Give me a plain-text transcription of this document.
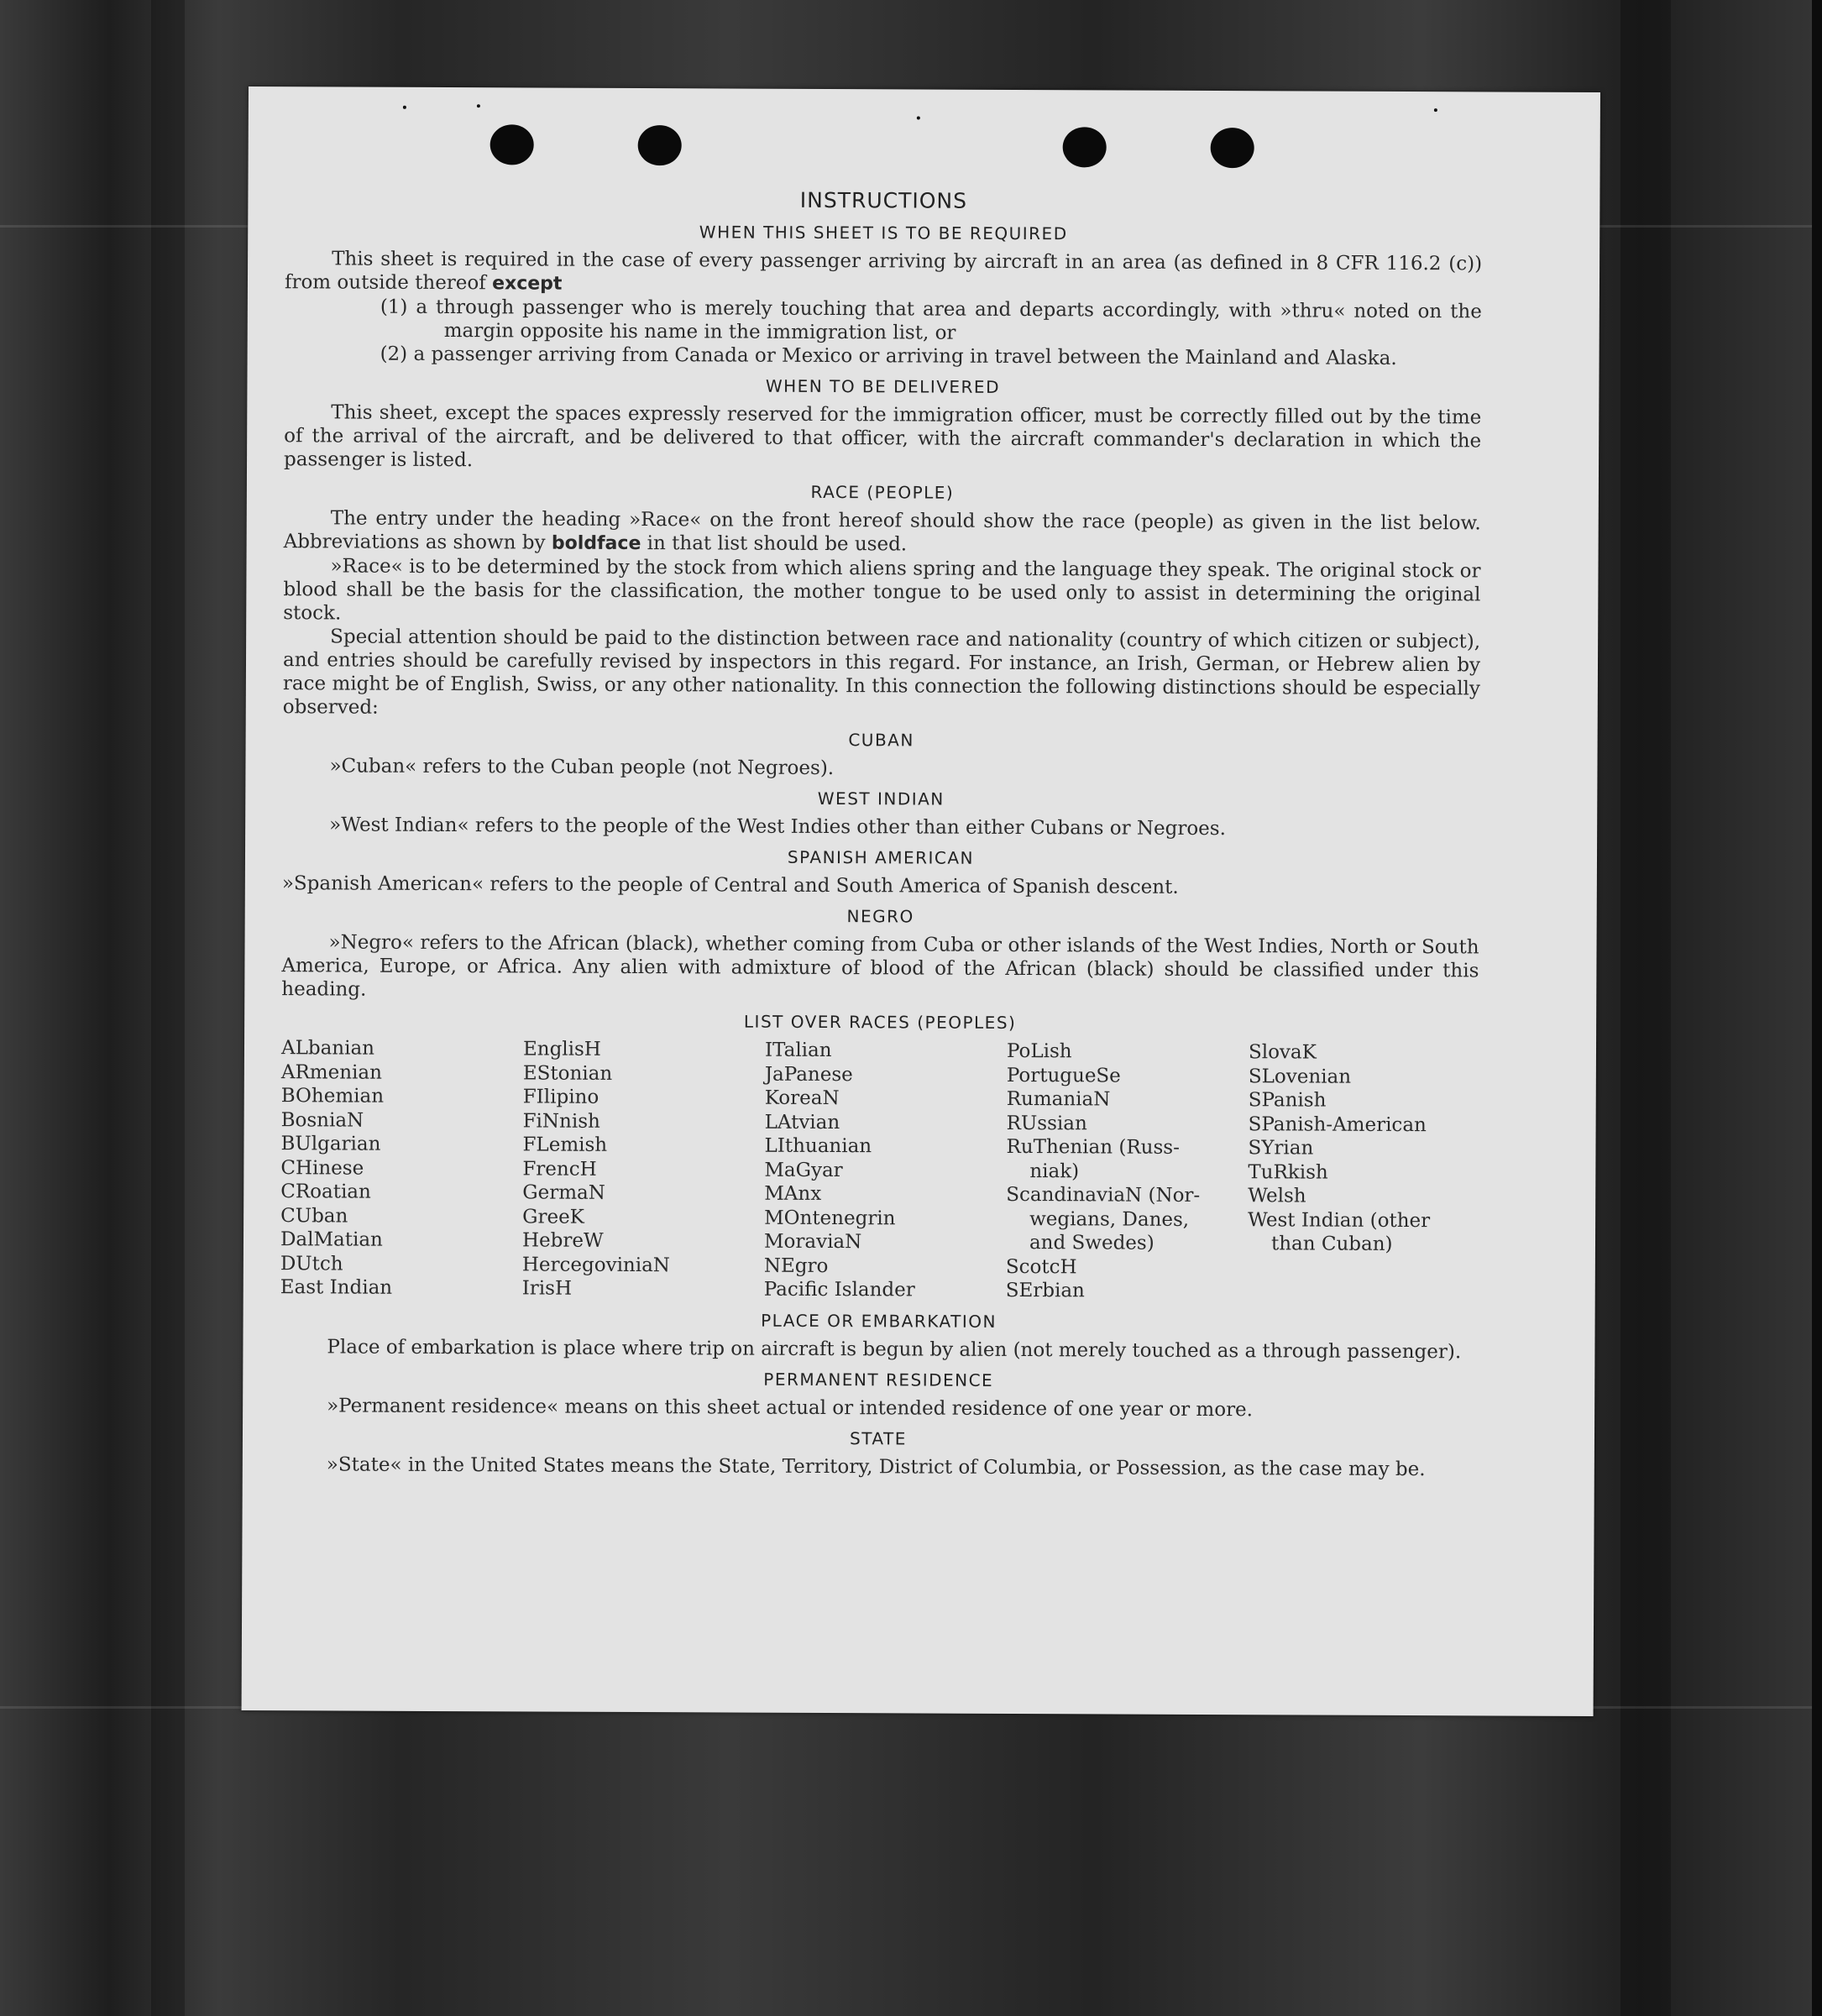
INSTRUCTIONS
WHEN THIS SHEET IS TO BE REQUIRED

This sheet is required in the case of every passenger arriving by aircraft in an area (as defined in 8 CFR 116.2 (c)) from outside thereof except

(1) a through passenger who is merely touching that area and departs accordingly, with »thru« noted on the margin opposite his name in the immigration list, or

(2) a passenger arriving from Canada or Mexico or arriving in travel between the Mainland and Alaska.

WHEN TO BE DELIVERED

This sheet, except the spaces expressly reserved for the immigration officer, must be correctly filled out by the time of the arrival of the aircraft, and be delivered to that officer, with the aircraft commander's declaration in which the passenger is listed.

RACE (PEOPLE)

The entry under the heading »Race« on the front hereof should show the race (people) as given in the list below. Abbreviations as shown by boldface in that list should be used.

»Race« is to be determined by the stock from which aliens spring and the language they speak. The original stock or blood shall be the basis for the classification, the mother tongue to be used only to assist in determining the original stock.

Special attention should be paid to the distinction between race and nationality (country of which citizen or subject), and entries should be carefully revised by inspectors in this regard. For instance, an Irish, German, or Hebrew alien by race might be of English, Swiss, or any other nationality. In this connection the following distinctions should be especially observed:

CUBAN

»Cuban« refers to the Cuban people (not Negroes).

WEST INDIAN

»West Indian« refers to the people of the West Indies other than either Cubans or Negroes.

SPANISH AMERICAN

»Spanish American« refers to the people of Central and South America of Spanish descent.

NEGRO

»Negro« refers to the African (black), whether coming from Cuba or other islands of the West Indies, North or South America, Europe, or Africa. Any alien with admixture of blood of the African (black) should be classified under this heading.

LIST OVER RACES (PEOPLES)
ALbanian
ARmenian
BOhemian
BosniaN
BUlgarian
CHinese
CRoatian
CUban
DalMatian
DUtch
East Indian
EnglisH
EStonian
FIlipino
FiNnish
FLemish
FrencH
GermaN
GreeK
HebreW
HercegoviniaN
IrisH
ITalian
JaPanese
KoreaN
LAtvian
LIthuanian
MaGyar
MAnx
MOntenegrin
MoraviaN
NEgro
Pacific Islander
PoLish
PortugueSe
RumaniaN
RUssian
RuThenian (Russ-
niak)
ScandinaviaN (Nor-
wegians, Danes,
and Swedes)
ScotcH
SErbian
SlovaK
SLovenian
SPanish
SPanish-American
SYrian
TuRkish
Welsh
West Indian (other
than Cuban)
PLACE OR EMBARKATION

Place of embarkation is place where trip on aircraft is begun by alien (not merely touched as a through passenger).

PERMANENT RESIDENCE

»Permanent residence« means on this sheet actual or intended residence of one year or more.

STATE

»State« in the United States means the State, Territory, District of Columbia, or Possession, as the case may be.
